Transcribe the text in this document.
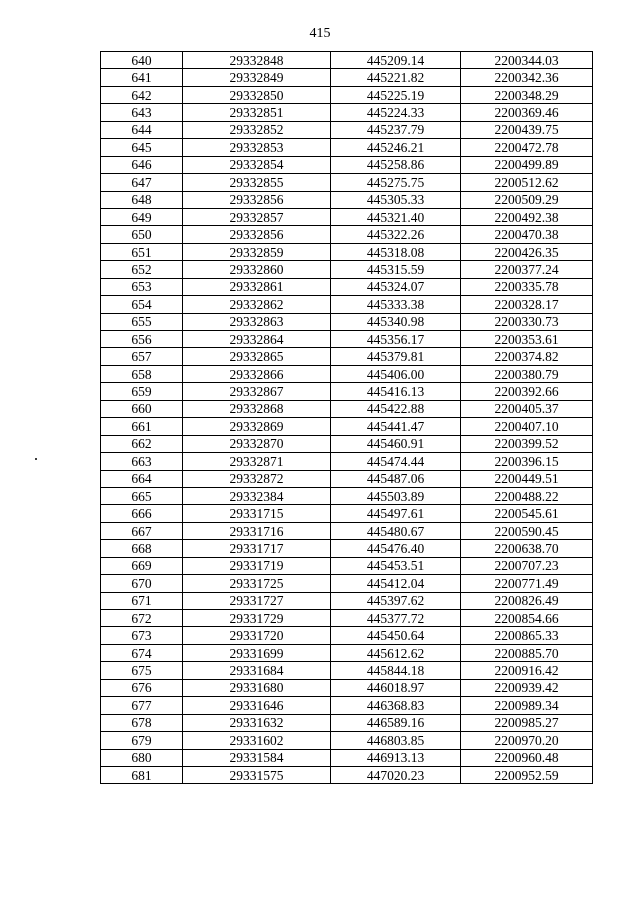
415
640	29332848	445209.14	2200344.03
641	29332849	445221.82	2200342.36
642	29332850	445225.19	2200348.29
643	29332851	445224.33	2200369.46
644	29332852	445237.79	2200439.75
645	29332853	445246.21	2200472.78
646	29332854	445258.86	2200499.89
647	29332855	445275.75	2200512.62
648	29332856	445305.33	2200509.29
649	29332857	445321.40	2200492.38
650	29332856	445322.26	2200470.38
651	29332859	445318.08	2200426.35
652	29332860	445315.59	2200377.24
653	29332861	445324.07	2200335.78
654	29332862	445333.38	2200328.17
655	29332863	445340.98	2200330.73
656	29332864	445356.17	2200353.61
657	29332865	445379.81	2200374.82
658	29332866	445406.00	2200380.79
659	29332867	445416.13	2200392.66
660	29332868	445422.88	2200405.37
661	29332869	445441.47	2200407.10
662	29332870	445460.91	2200399.52
663	29332871	445474.44	2200396.15
664	29332872	445487.06	2200449.51
665	29332384	445503.89	2200488.22
666	29331715	445497.61	2200545.61
667	29331716	445480.67	2200590.45
668	29331717	445476.40	2200638.70
669	29331719	445453.51	2200707.23
670	29331725	445412.04	2200771.49
671	29331727	445397.62	2200826.49
672	29331729	445377.72	2200854.66
673	29331720	445450.64	2200865.33
674	29331699	445612.62	2200885.70
675	29331684	445844.18	2200916.42
676	29331680	446018.97	2200939.42
677	29331646	446368.83	2200989.34
678	29331632	446589.16	2200985.27
679	29331602	446803.85	2200970.20
680	29331584	446913.13	2200960.48
681	29331575	447020.23	2200952.59
